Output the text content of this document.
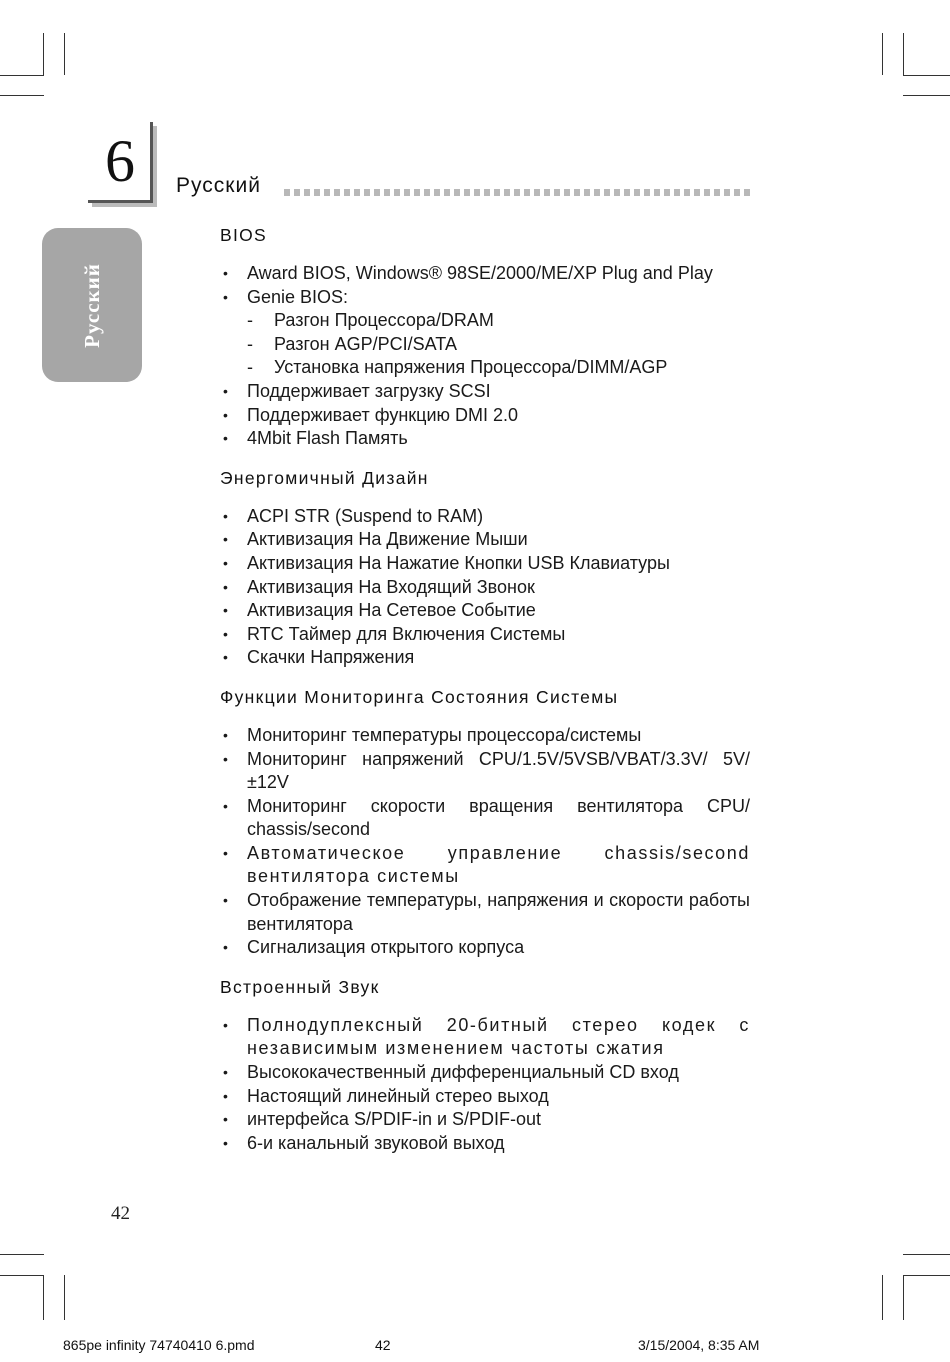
6	Русский
Русский
BIOS
• Award BIOS, Windows® 98SE/2000/ME/XP Plug and Play
• Genie BIOS:
- Разгон Процессора/DRAM
- Разгон AGP/PCI/SATA
- Установка напряжения Процессора/DIMM/AGP
• Поддерживает загрузку SCSI
• Поддерживает функцию DMI 2.0
• 4Mbit Flash Память
Энергомичный Дизайн
• ACPI STR (Suspend to RAM)
• Активизация На Движение Мыши
• Активизация На Нажатие Кнопки USB Клавиатуры
• Активизация На Входящий Звонок
• Активизация На Сетевое Событие
• RTC Таймер для Включения Системы
• Скачки Напряжения
Функции Мониторинга Состояния Системы
• Мониторинг температуры процессора/системы
• Мониторинг напряжений CPU/1.5V/5VSB/VBAT/3.3V/ 5V/±12V
• Мониторинг скорости вращения вентилятора CPU/ chassis/second
• Автоматическое управление chassis/second вентилятора системы
• Отображение температуры, напряжения и скорости работы вентилятора
• Сигнализация открытого корпуса
Встроенный Звук
• Полнодуплексный 20-битный стерео кодек с независимым изменением частоты сжатия
• Высококачественный дифференциальный CD вход
• Настоящий линейный стерео выход
• интерфейса S/PDIF-in и S/PDIF-out
• 6-и канальный звуковой выход
42
865pe infinity 74740410 6.pmd	42	3/15/2004, 8:35 AM
